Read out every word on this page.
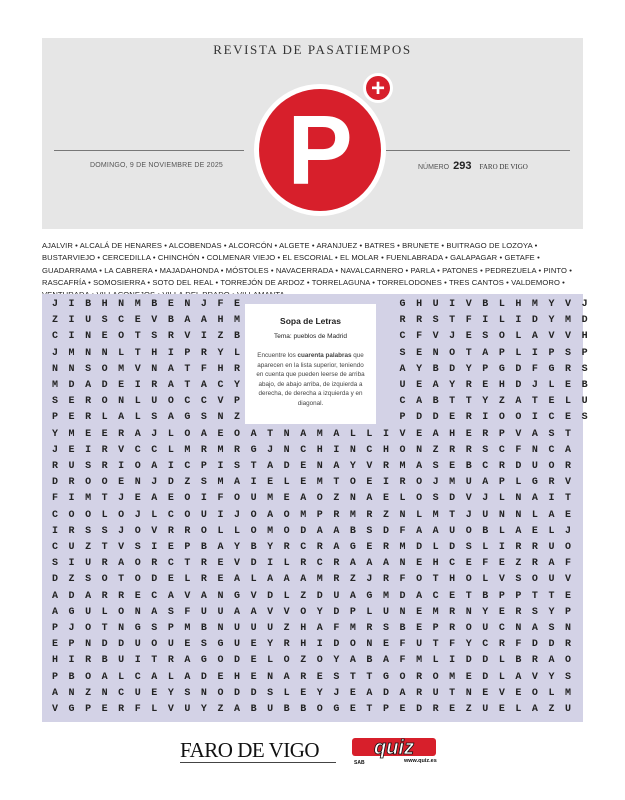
REVISTA DE PASATIEMPOS
P
+
DOMINGO, 9 DE NOVIEMBRE DE 2025	NÚMERO 293 FARO DE VIGO
AJALVIR • ALCALÁ DE HENARES • ALCOBENDAS • ALCORCÓN • ALGETE • ARANJUEZ • BATRES • BRUNETE • BUITRAGO DE LOZOYA • BUSTARVIEJO • CERCEDILLA • CHINCHÓN • COLMENAR VIEJO • EL ESCORIAL • EL MOLAR • FUENLABRADA • GALAPAGAR • GETAFE • GUADARRAMA • LA CABRERA • MAJADAHONDA • MÓSTOLES • NAVACERRADA • NAVALCARNERO • PARLA • PATONES • PEDREZUELA • PINTO • RASCAFRÍA • SOMOSIERRA • SOTO DEL REAL • TORREJÓN DE ARDOZ • TORRELAGUNA • TORRELODONES • TRES CANTOS • VALDEMORO •
J	I	B	H	N	M	B	E	N	J	F	E	G	H	U	I	V	B	L	H	M	Y	V	J
Z	I	U	S	C	E	V	B	A	A	H	M	R	R	S	T	F	I	L	I	D	Y	M	D
C	I	N	E	O	T	S	R	V	I	Z	B	C	F	V	J	E	S	O	L	A	V	V	H
J	M	N	N	L	T	H	I	P	R	Y	L	S	E	N	O	T	A	P	L	I	P	S	P
N	N	S	O	M	V	N	A	T	F	H	R	A	Y	B	D	Y	P	G	D	F	G	R	S
M	D	A	D	E	I	R	A	T	A	C	Y	U	E	A	Y	R	E	H	D	J	L	E	B
S	E	R	O	N	L	U	O	C	C	V	P	C	A	B	T	T	Y	Z	A	T	E	L	U
P	E	R	L	A	L	S	A	G	S	N	Z	P	D	D	E	R	I	O	O	I	C	E	S
Y	M	E	E	R	A	J	L	O	A	E	O	A	T	N	A	M	A	L	L	I	V	E	A	H	E	R	P	V	A	S	T
J	E	I	R	V	C	C	L	M	R	M	R	G	J	N	C	H	I	N	C	H	O	N	Z	R	R	S	C	F	N	C	A
R	U	S	R	I	O	A	I	C	P	I	S	T	A	D	E	N	A	Y	V	R	M	A	S	E	B	C	R	D	U	O	R
D	R	O	O	E	N	J	D	Z	S	M	A	I	E	L	E	M	T	O	E	I	R	O	J	M	U	A	P	L	G	R	V
F	I	M	T	J	E	A	E	O	I	F	O	U	M	E	A	O	Z	N	A	E	L	O	S	D	V	J	L	N	A	I	T
C	O	O	L	O	J	L	C	O	U	I	J	O	A	O	M	P	R	M	R	Z	N	L	M	T	J	U	N	N	L	A	E
I	R	S	S	J	O	V	R	R	O	L	L	O	M	O	D	A	A	B	S	D	F	A	A	U	O	B	L	A	E	L	J
C	U	Z	T	V	S	I	E	P	B	A	Y	B	Y	R	C	R	A	G	E	R	M	D	L	D	S	L	I	R	R	U	O
S	I	U	R	A	O	R	C	T	R	E	V	D	I	L	R	C	R	A	A	A	N	E	H	C	E	F	E	Z	R	A	F
D	Z	S	O	T	O	D	E	L	R	E	A	L	A	A	A	M	R	Z	J	R	F	O	T	H	O	L	V	S	O	U	V
A	D	A	R	R	E	C	A	V	A	N	G	V	D	L	Z	D	U	A	G	M	D	A	C	E	T	B	P	P	T	T	E
A	G	U	L	O	N	A	S	F	U	U	A	A	V	V	O	Y	D	P	L	U	N	E	M	R	N	Y	E	R	S	Y	P
P	J	O	T	N	G	S	P	M	B	N	U	U	U	Z	H	A	F	M	R	S	B	E	P	R	O	U	C	N	A	S	N
E	P	N	D	D	U	O	U	E	S	G	U	E	Y	R	H	I	D	O	N	E	F	U	T	F	Y	C	R	F	D	D	R
H	I	R	B	U	I	T	R	A	G	O	D	E	L	O	Z	O	Y	A	B	A	F	M	L	I	D	D	L	B	R	A	O
P	B	O	A	L	C	A	L	A	D	E	H	E	N	A	R	E	S	T	T	G	O	R	O	M	E	D	L	A	V	Y	S
A	N	Z	N	C	U	E	Y	S	N	O	D	D	S	L	E	Y	J	E	A	D	A	R	U	T	N	E	V	E	O	L	M
V	G	P	E	R	F	L	V	U	Y	Z	A	B	U	B	B	O	G	E	T	P	E	D	R	E	Z	U	E	L	A	Z	U
Sopa de Letras
Tema: pueblos de Madrid
Encuentre los cuarenta palabras que aparecen en la lista superior, teniendo en cuenta que pueden leerse de arriba abajo, de abajo arriba, de izquierda a derecha, de derecha a izquierda y en diagonal.
FARO DE VIGO	quiz
SAB	www.quiz.es
